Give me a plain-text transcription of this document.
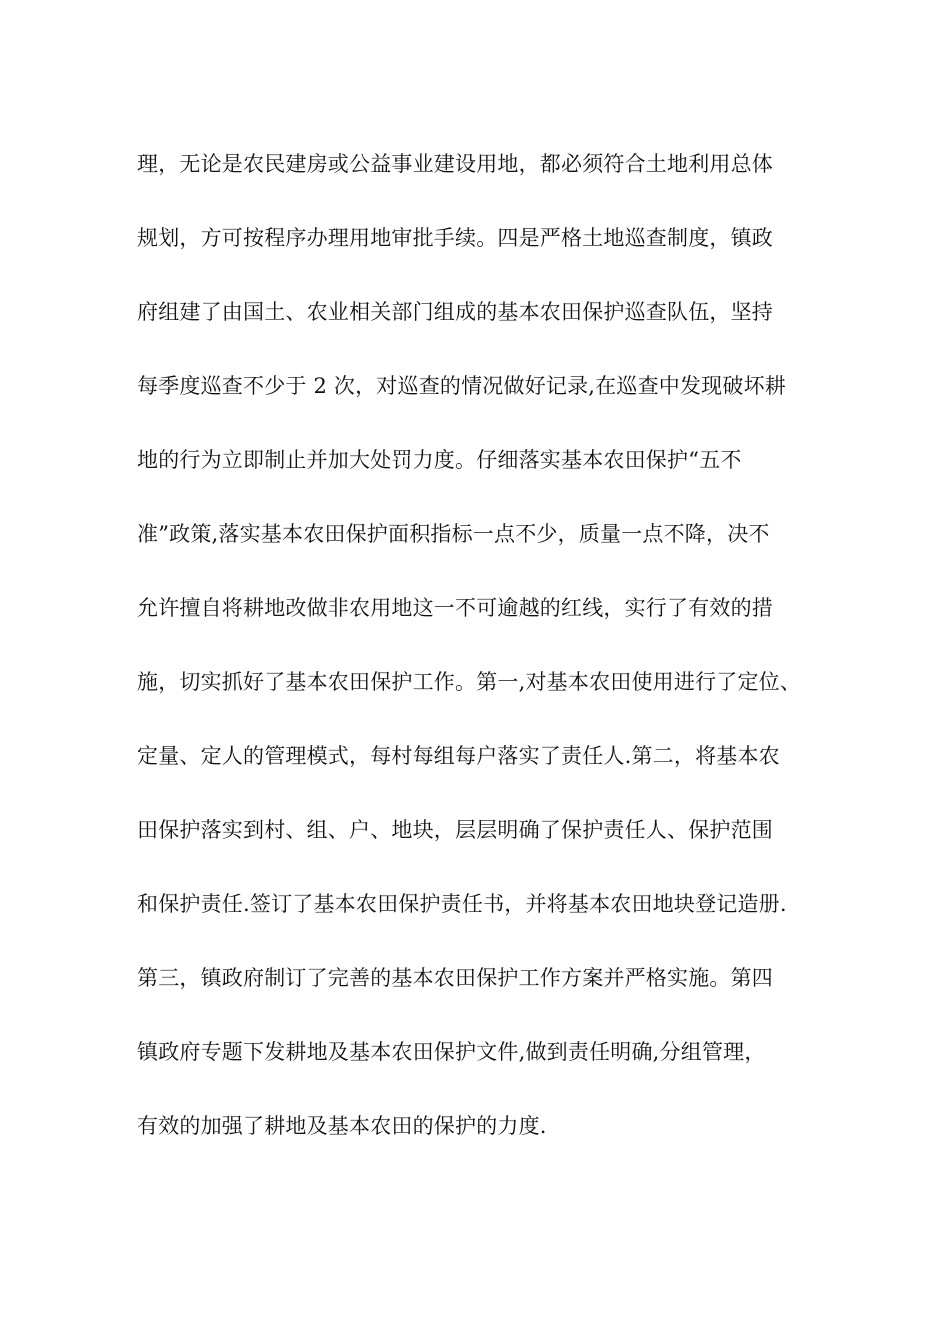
理，无论是农民建房或公益事业建设用地，都必须符合土地利用总体
规划，方可按程序办理用地审批手续。四是严格土地巡查制度，镇政
府组建了由国土、农业相关部门组成的基本农田保护巡查队伍，坚持
每季度巡查不少于 2 次，对巡查的情况做好记录,在巡查中发现破坏耕
地的行为立即制止并加大处罚力度。仔细落实基本农田保护“五不
准”政策,落实基本农田保护面积指标一点不少，质量一点不降，决不
允许擅自将耕地改做非农用地这一不可逾越的红线，实行了有效的措
施，切实抓好了基本农田保护工作。第一,对基本农田使用进行了定位、
定量、定人的管理模式，每村每组每户落实了责任人.第二，将基本农
田保护落实到村、组、户、地块，层层明确了保护责任人、保护范围
和保护责任.签订了基本农田保护责任书，并将基本农田地块登记造册.
第三，镇政府制订了完善的基本农田保护工作方案并严格实施。第四
镇政府专题下发耕地及基本农田保护文件,做到责任明确,分组管理，
有效的加强了耕地及基本农田的保护的力度.
